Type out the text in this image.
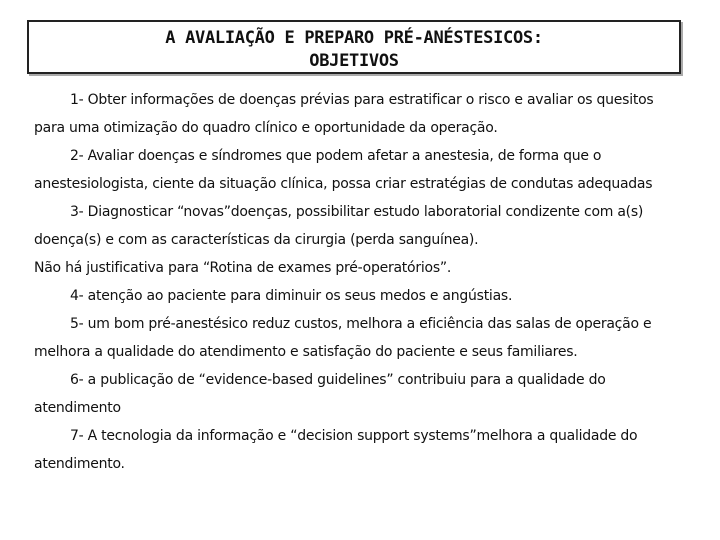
A AVALIAÇÃO E PREPARO PRÉ-ANÉSTESICOS:
OBJETIVOS

1- Obter informações de doenças prévias para estratificar o risco e avaliar os quesitos para uma otimização do quadro clínico e oportunidade da operação.

2- Avaliar doenças e síndromes que podem afetar a anestesia, de forma que o anestesiologista, ciente da situação clínica, possa criar estratégias de condutas adequadas

3- Diagnosticar “novas”doenças, possibilitar estudo laboratorial condizente com a(s) doença(s) e com as características da cirurgia (perda sanguínea).

Não há justificativa para “Rotina de exames pré-operatórios”.

4- atenção ao paciente para diminuir os seus medos e angústias.

5- um bom pré-anestésico reduz custos, melhora a eficiência das salas de operação e melhora a qualidade do atendimento e satisfação do paciente e seus familiares.

6- a publicação de “evidence-based guidelines” contribuiu para a qualidade do atendimento

7- A tecnologia da informação e “decision support systems”melhora a qualidade do atendimento.
